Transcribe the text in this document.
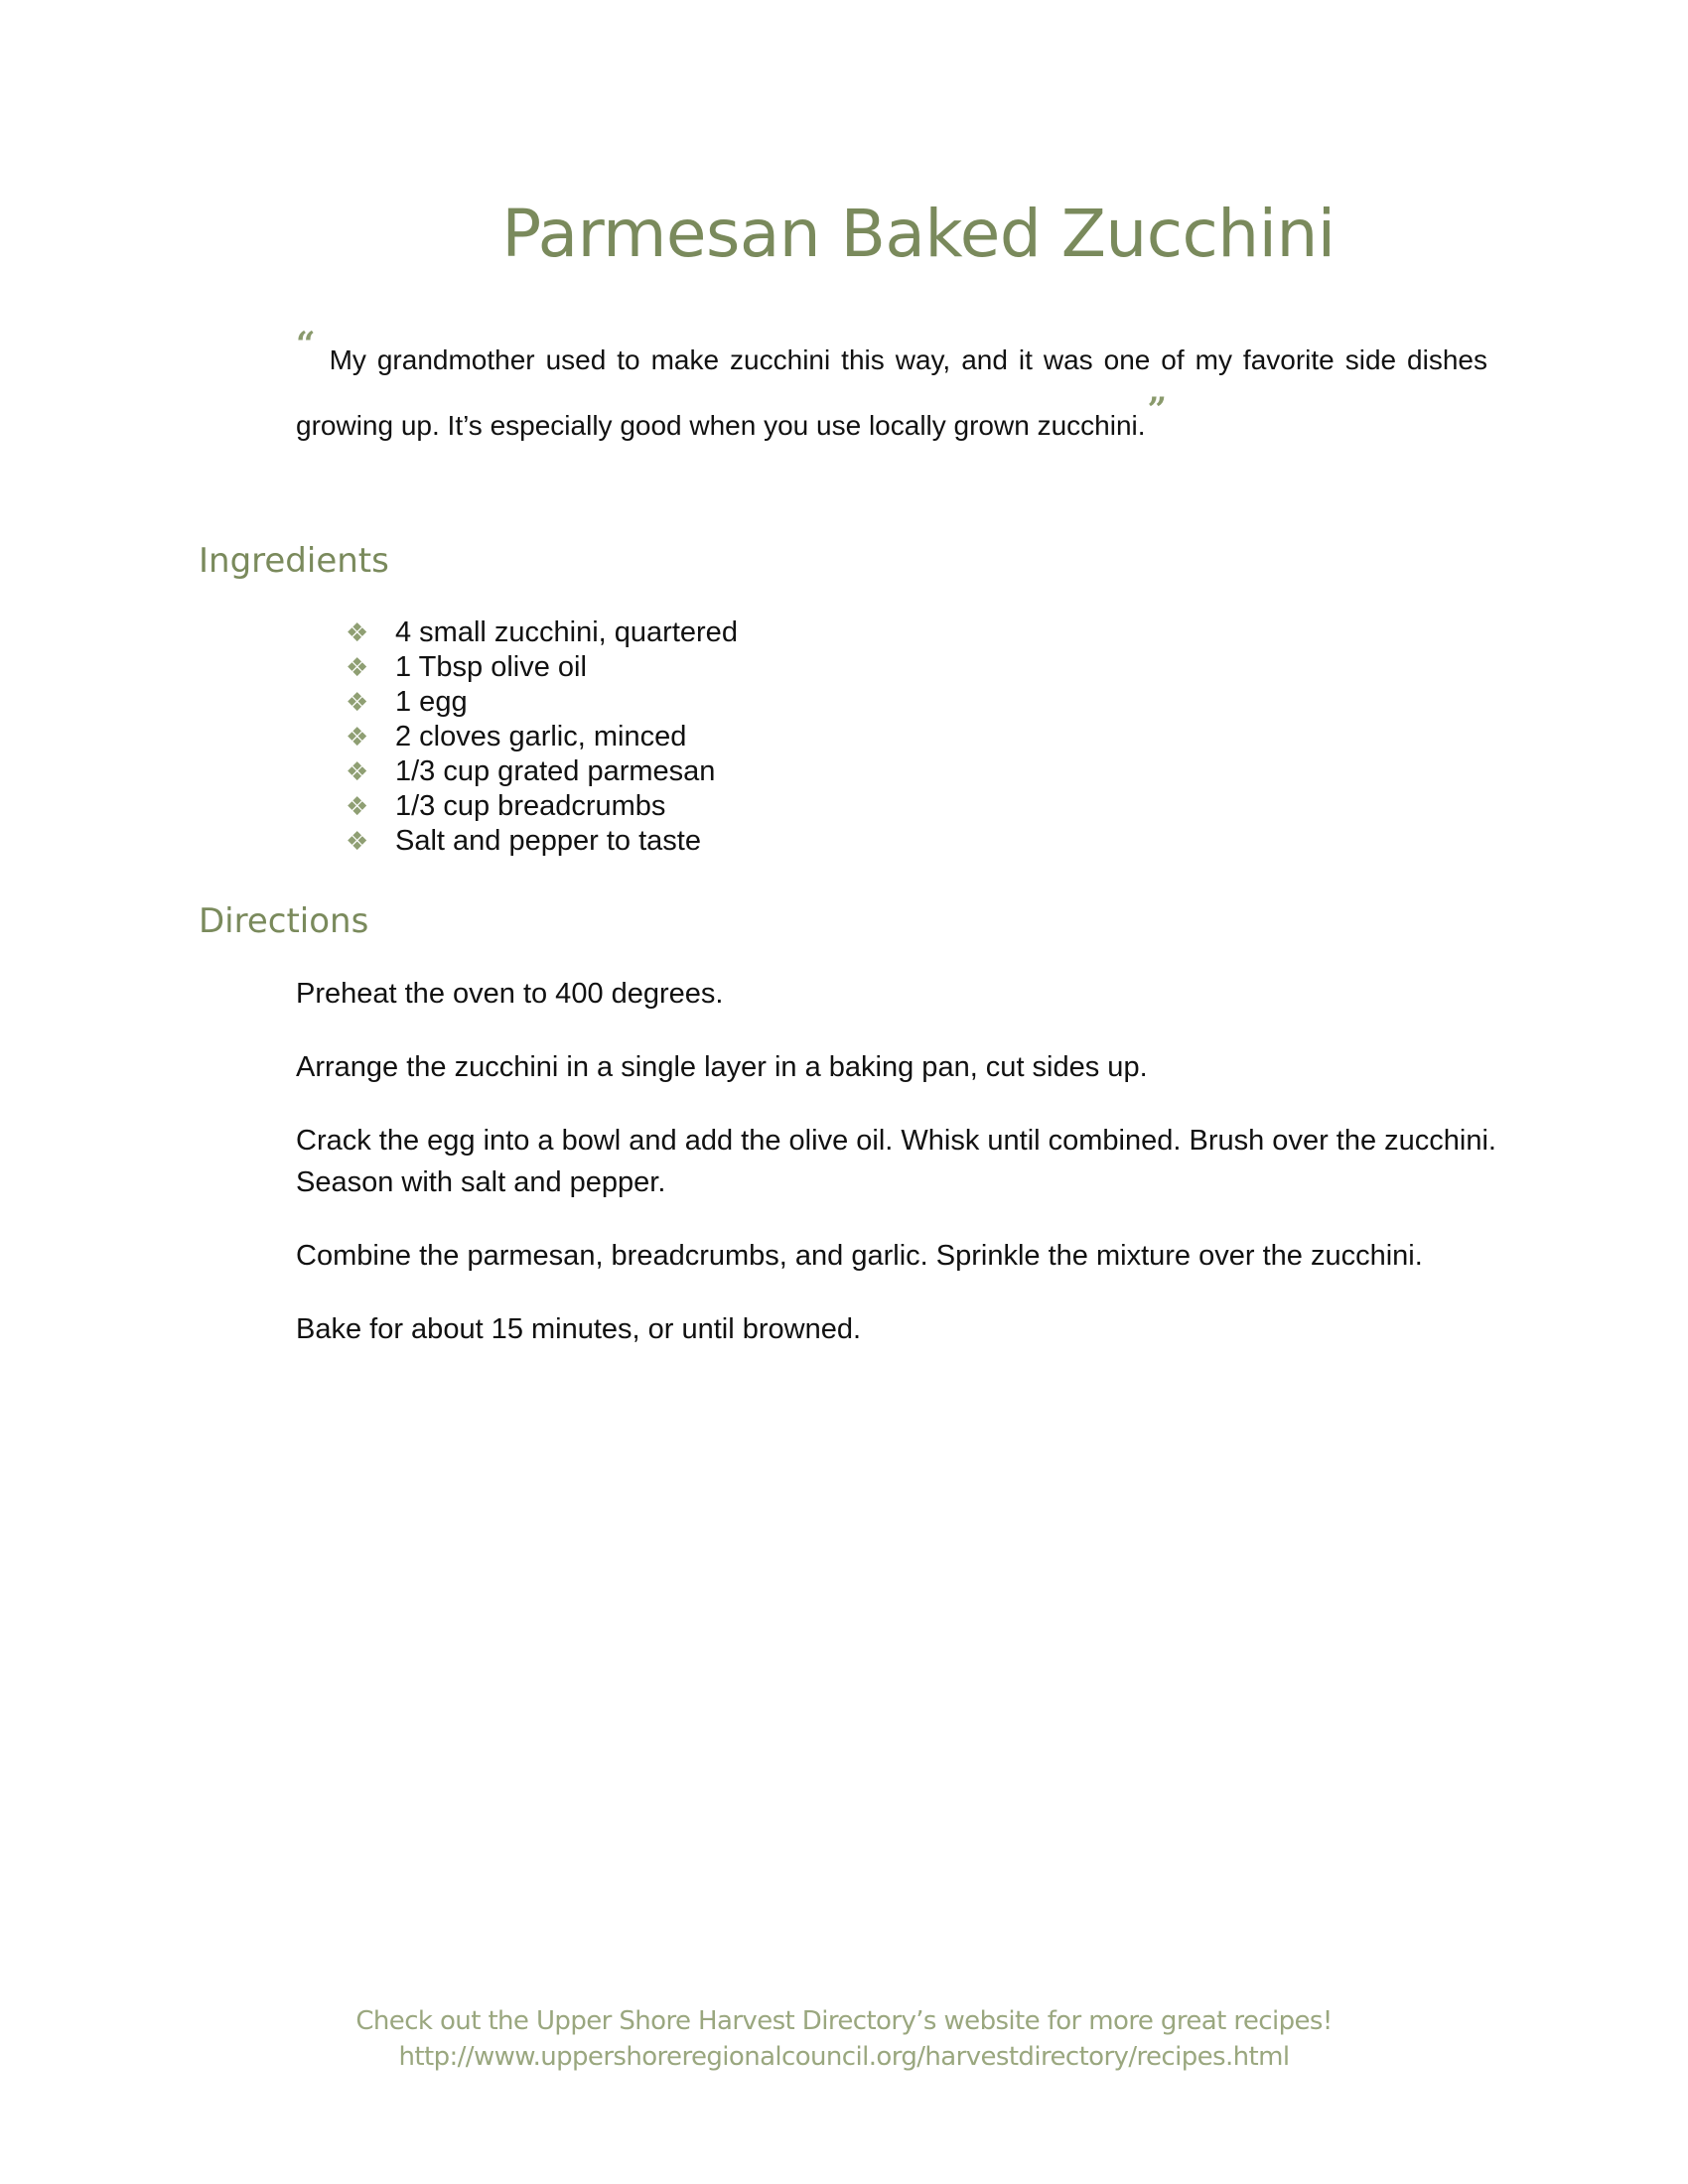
Parmesan Baked Zucchini
“ My grandmother used to make zucchini this way, and it was one of my favorite side dishes growing up. It’s especially good when you use locally grown zucchini.”
Ingredients
❖ 4 small zucchini, quartered
❖ 1 Tbsp olive oil
❖ 1 egg
❖ 2 cloves garlic, minced
❖ 1/3 cup grated parmesan
❖ 1/3 cup breadcrumbs
❖ Salt and pepper to taste
Directions

Preheat the oven to 400 degrees.

Arrange the zucchini in a single layer in a baking pan, cut sides up.

Crack the egg into a bowl and add the olive oil. Whisk until combined. Brush over the zucchini. Season with salt and pepper.

Combine the parmesan, breadcrumbs, and garlic. Sprinkle the mixture over the zucchini.

Bake for about 15 minutes, or until browned.

Check out the Upper Shore Harvest Directory’s website for more great recipes!
http://www.uppershoreregionalcouncil.org/harvestdirectory/recipes.html
